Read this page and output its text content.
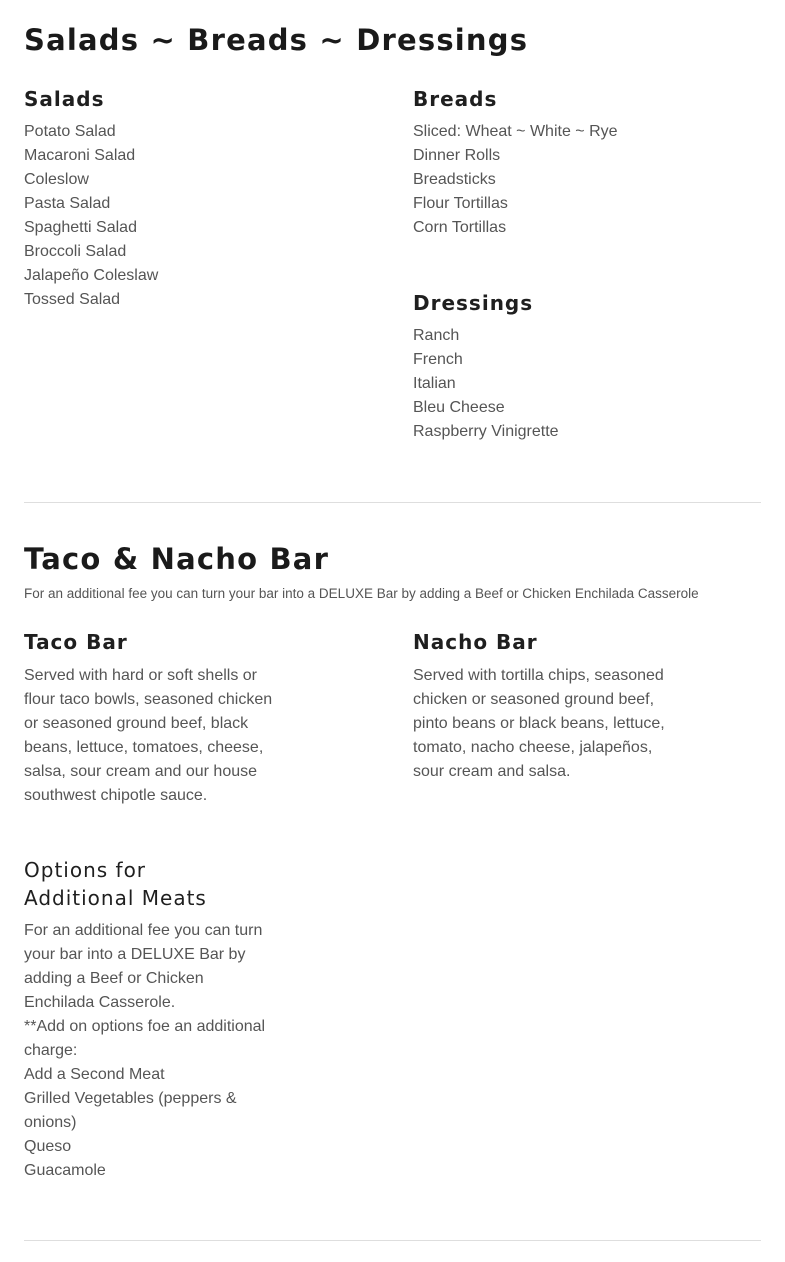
Salads ~ Breads ~ Dressings
Salads
Potato Salad
Macaroni Salad
Coleslow
Pasta Salad
Spaghetti Salad
Broccoli Salad
Jalapeño Coleslaw
Tossed Salad
Breads
Sliced: Wheat ~ White ~ Rye
Dinner Rolls
Breadsticks
Flour Tortillas
Corn Tortillas
Dressings
Ranch
French
Italian
Bleu Cheese
Raspberry Vinigrette
Taco & Nacho Bar

For an additional fee you can turn your bar into a DELUXE Bar by adding a Beef or Chicken Enchilada Casserole

Taco Bar
Served with hard or soft shells or
flour taco bowls, seasoned chicken
or seasoned ground beef, black
beans, lettuce, tomatoes, cheese,
salsa, sour cream and our house
southwest chipotle sauce.
Nacho Bar
Served with tortilla chips, seasoned
chicken or seasoned ground beef,
pinto beans or black beans, lettuce,
tomato, nacho cheese, jalapeños,
sour cream and salsa.
Options for
Additional Meats
For an additional fee you can turn
your bar into a DELUXE Bar by
adding a Beef or Chicken
Enchilada Casserole.
**Add on options foe an additional
charge:
Add a Second Meat
Grilled Vegetables (peppers &
onions)
Queso
Guacamole
